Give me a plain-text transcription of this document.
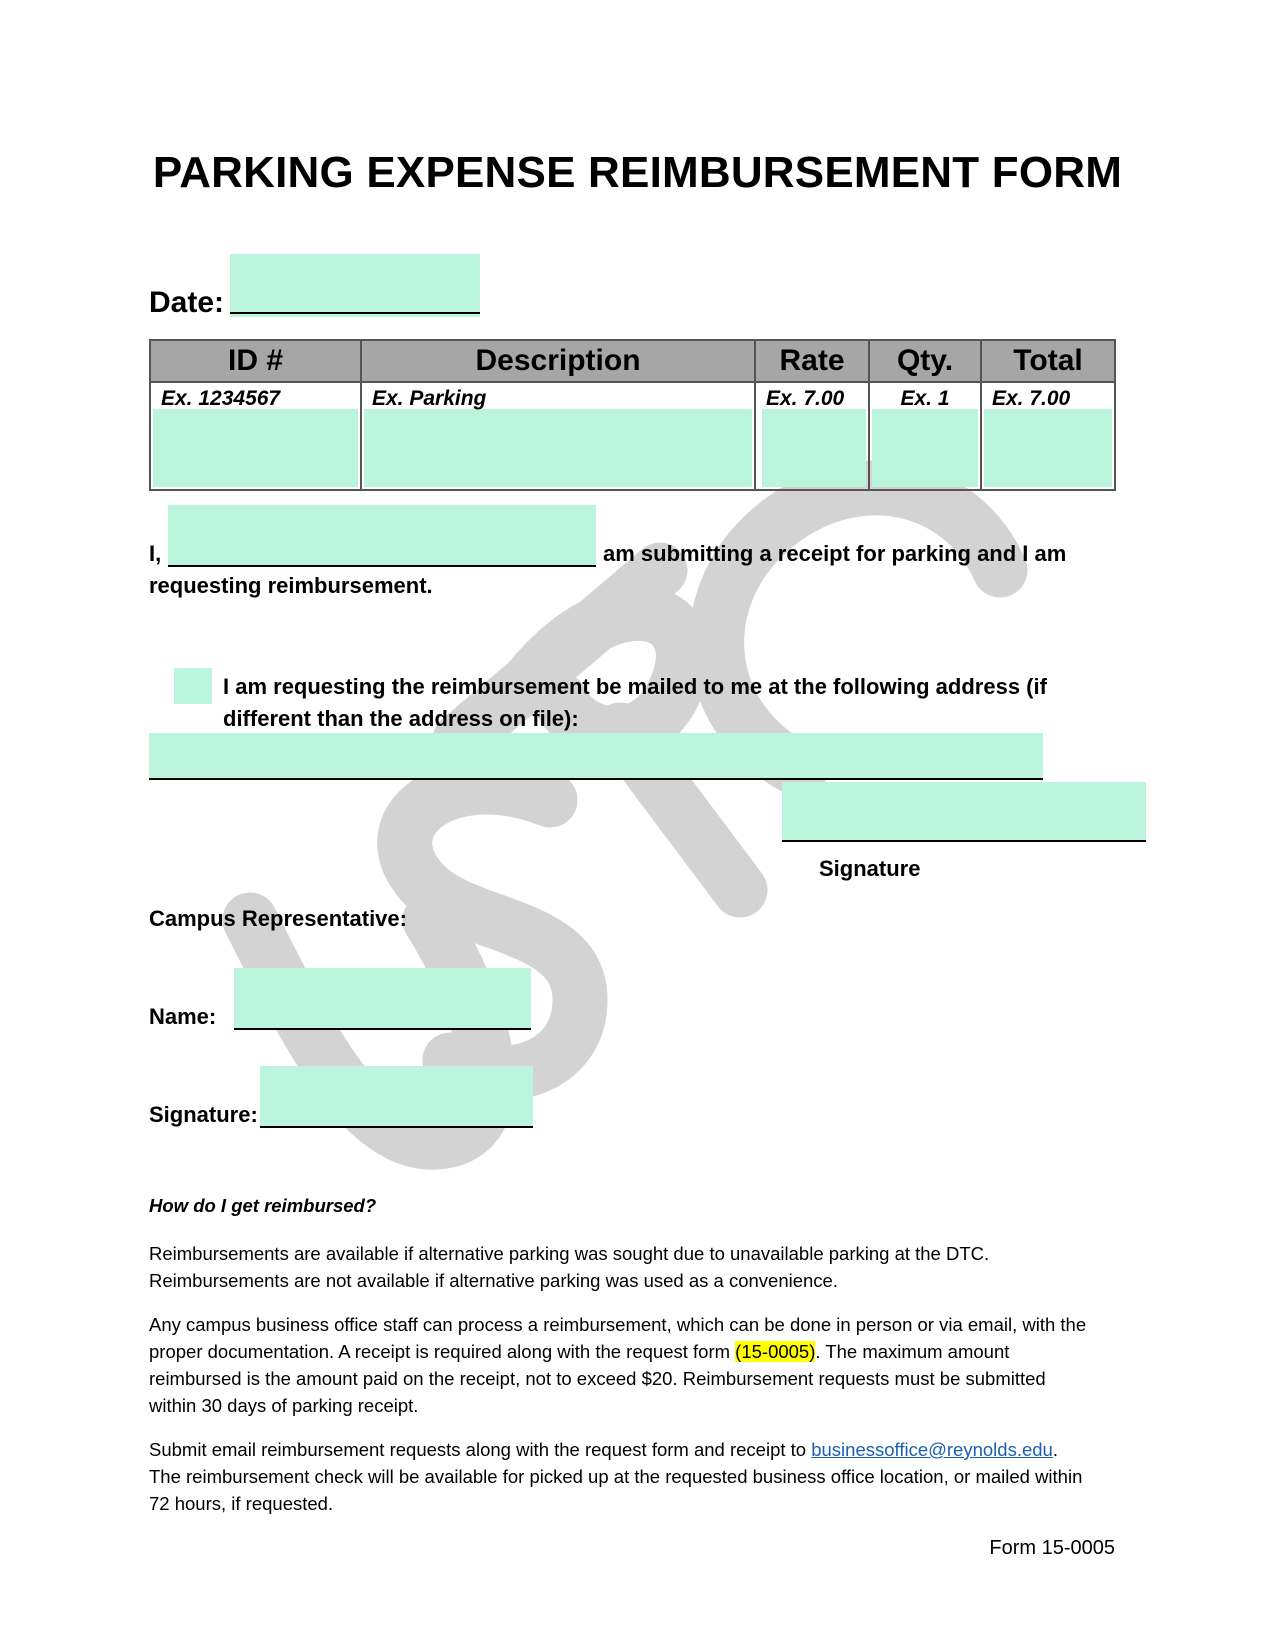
PARKING EXPENSE REIMBURSEMENT FORM
Date:
ID #	Description	Rate	Qty.	Total

Ex. 1234567	Ex. Parking	Ex. 7.00	Ex. 1	Ex. 7.00
I,	am submitting a receipt for parking and I am
requesting reimbursement.
I am requesting the reimbursement be mailed to me at the following address (if
different than the address on file):
Signature
Campus Representative:
Name:
Signature:
How do I get reimbursed?
Reimbursements are available if alternative parking was sought due to unavailable parking at the DTC.
Reimbursements are not available if alternative parking was used as a convenience.
Any campus business office staff can process a reimbursement, which can be done in person or via email, with the
proper documentation. A receipt is required along with the request form (15-0005). The maximum amount
reimbursed is the amount paid on the receipt, not to exceed $20. Reimbursement requests must be submitted
within 30 days of parking receipt.
Submit email reimbursement requests along with the request form and receipt to businessoffice@reynolds.edu.
The reimbursement check will be available for picked up at the requested business office location, or mailed within
72 hours, if requested.
Form 15-0005
